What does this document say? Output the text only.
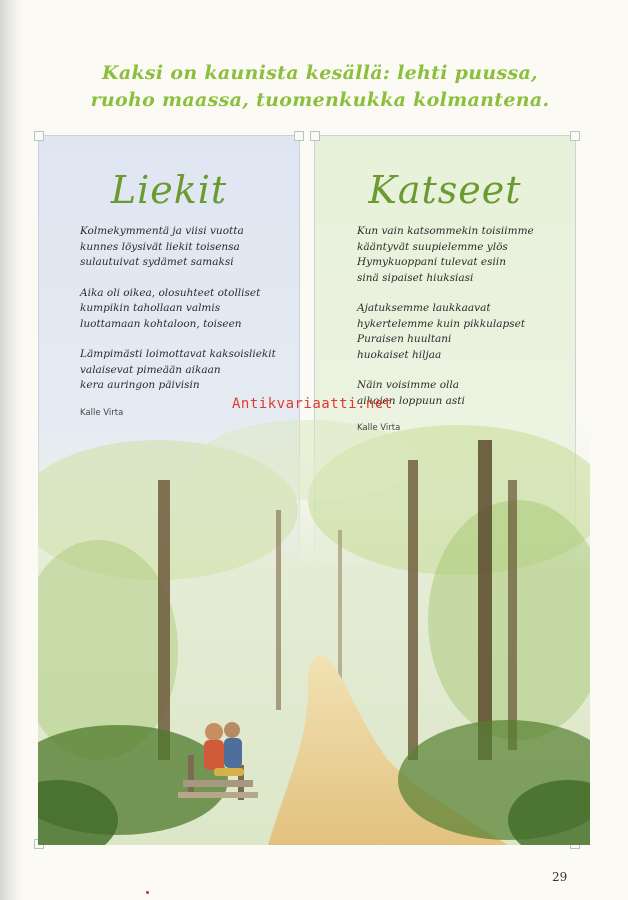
Kaksi on kaunista kesällä: lehti puussa,
ruoho maassa, tuomenkukka kolmantena.
Liekit	Katseet
Kolmekymmentä ja viisi vuotta
kunnes löysivät liekit toisensa
sulautuivat sydämet samaksi
Aika oli oikea, olosuhteet otolliset
kumpikin tahollaan valmis
luottamaan kohtaloon, toiseen
Lämpimästi loimottavat kaksoisliekit
valaisevat pimeään aikaan
kera auringon päivisin
Kalle Virta
Kun vain katsommekin toisiimme
kääntyvät suupielemme ylös
Hymykuoppani tulevat esiin
sinä sipaiset hiuksiasi
Ajatuksemme laukkaavat
hykertelemme kuin pikkulapset
Puraisen huultani
huokaiset hiljaa
Näin voisimme olla
aikojen loppuun asti
Kalle Virta
Antikvariaatti.net
29
